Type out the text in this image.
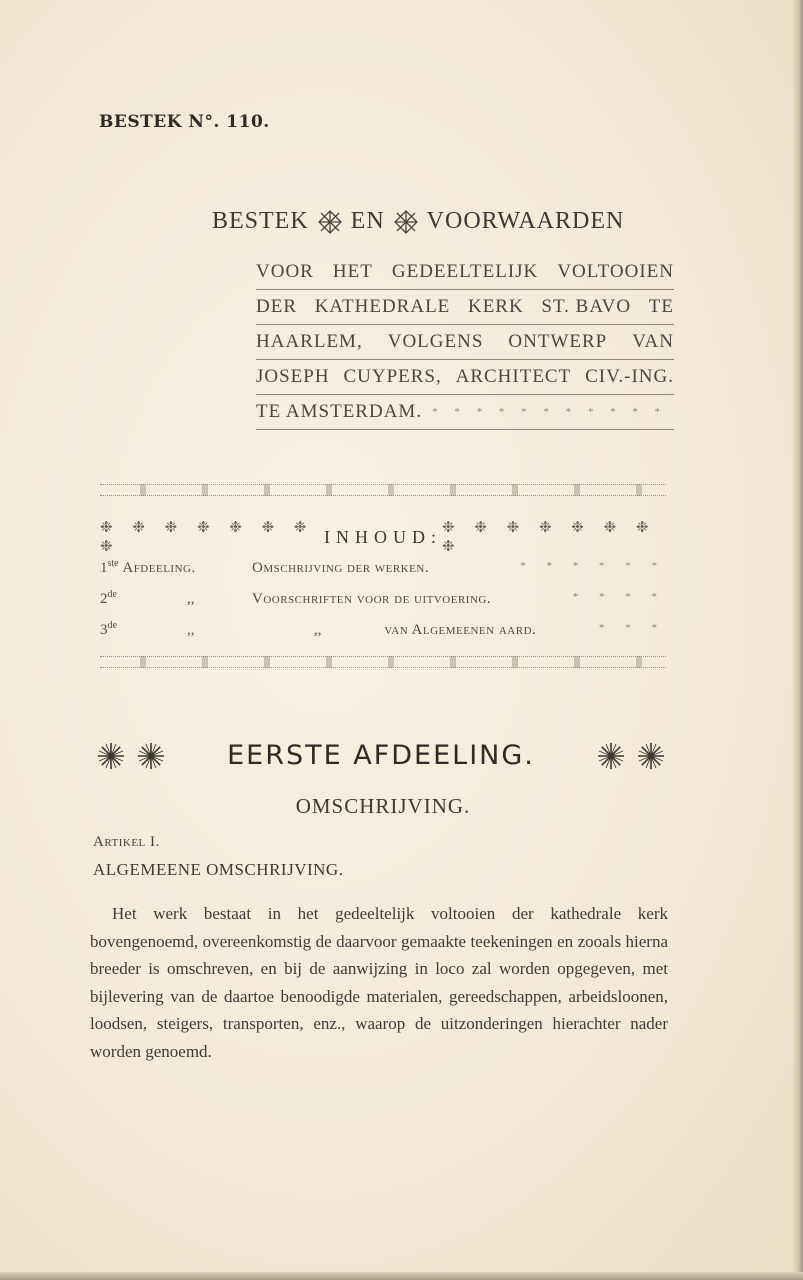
BESTEK N°. 110.
BESTEK EN VOORWAARDEN
VOOR HET GEDEELTELIJK VOLTOOIEN
DER KATHEDRALE KERK ST. BAVO TE
HAARLEM, VOLGENS ONTWERP VAN
JOSEPH CUYPERS, ARCHITECT CIV.-ING.
TE AMSTERDAM. * * * * * * * * * * *
❉ ❉ ❉ ❉ ❉ ❉ ❉ ❉
INHOUD: ❉ ❉ ❉ ❉ ❉ ❉ ❉ ❉
1ste Afdeeling.	Omschrijving der werken.	* * * * * *
2de	,,	Voorschriften voor de uitvoering.	* * * *
3de	,,	,,	van Algemeenen aard.	* * *
EERSTE AFDEELING.
OMSCHRIJVING.
Artikel I.
ALGEMEENE OMSCHRIJVING.
Het werk bestaat in het gedeeltelijk voltooien der kathedrale kerk bovengenoemd, overeenkomstig de daarvoor gemaakte teekeningen en zooals hierna breeder is omschreven, en bij de aanwijzing in loco zal worden opgegeven, met bijlevering van de daartoe benoodigde materialen, gereedschappen, arbeidsloonen, loodsen, steigers, transporten, enz., waarop de uitzonderingen hierachter nader worden genoemd.
